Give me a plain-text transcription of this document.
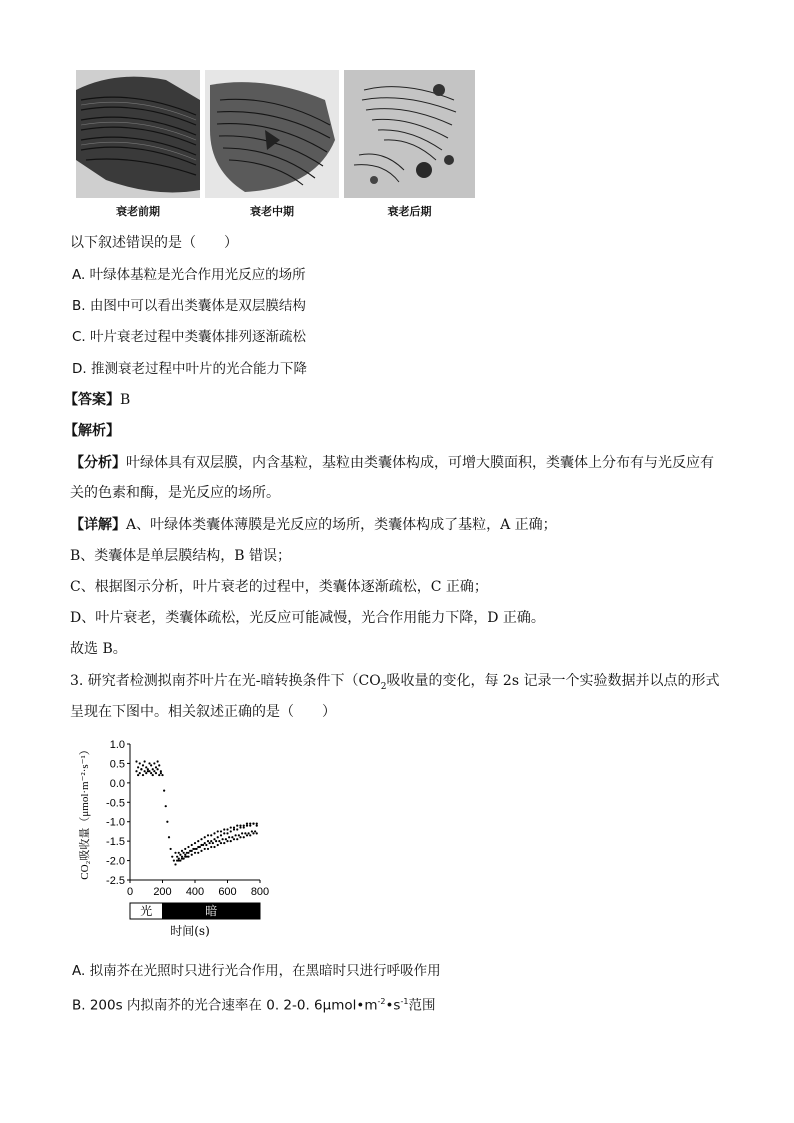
衰老前期	衰老中期	衰老后期
以下叙述错误的是（　　）
A. 叶绿体基粒是光合作用光反应的场所
B. 由图中可以看出类囊体是双层膜结构
C. 叶片衰老过程中类囊体排列逐渐疏松
D. 推测衰老过程中叶片的光合能力下降
【答案】B
【解析】
【分析】叶绿体具有双层膜，内含基粒，基粒由类囊体构成，可增大膜面积，类囊体上分布有与光反应有
关的色素和酶，是光反应的场所。
【详解】A、叶绿体类囊体薄膜是光反应的场所，类囊体构成了基粒，A 正确；
B、类囊体是单层膜结构，B 错误；
C、根据图示分析，叶片衰老的过程中，类囊体逐渐疏松，C 正确；
D、叶片衰老，类囊体疏松，光反应可能减慢，光合作用能力下降，D 正确。
故选 B。
3. 研究者检测拟南芥叶片在光-暗转换条件下（$CO_2$吸收量的变化，每 2s 记录一个实验数据并以点的形式
呈现在下图中。相关叙述正确的是（　　）
1.0
0.5
0.0
-0.5
-1.0
-1.5
-2.0
-2.5
0 200 400 600 800
CO₂吸收量（μmol·m⁻²·s⁻¹）
光	暗
时间(s)
A. 拟南芥在光照时只进行光合作用，在黑暗时只进行呼吸作用
B. 200s 内拟南芥的光合速率在 0. 2-0. $6\mu mol•m^{-2}•s^{-1}$范围
